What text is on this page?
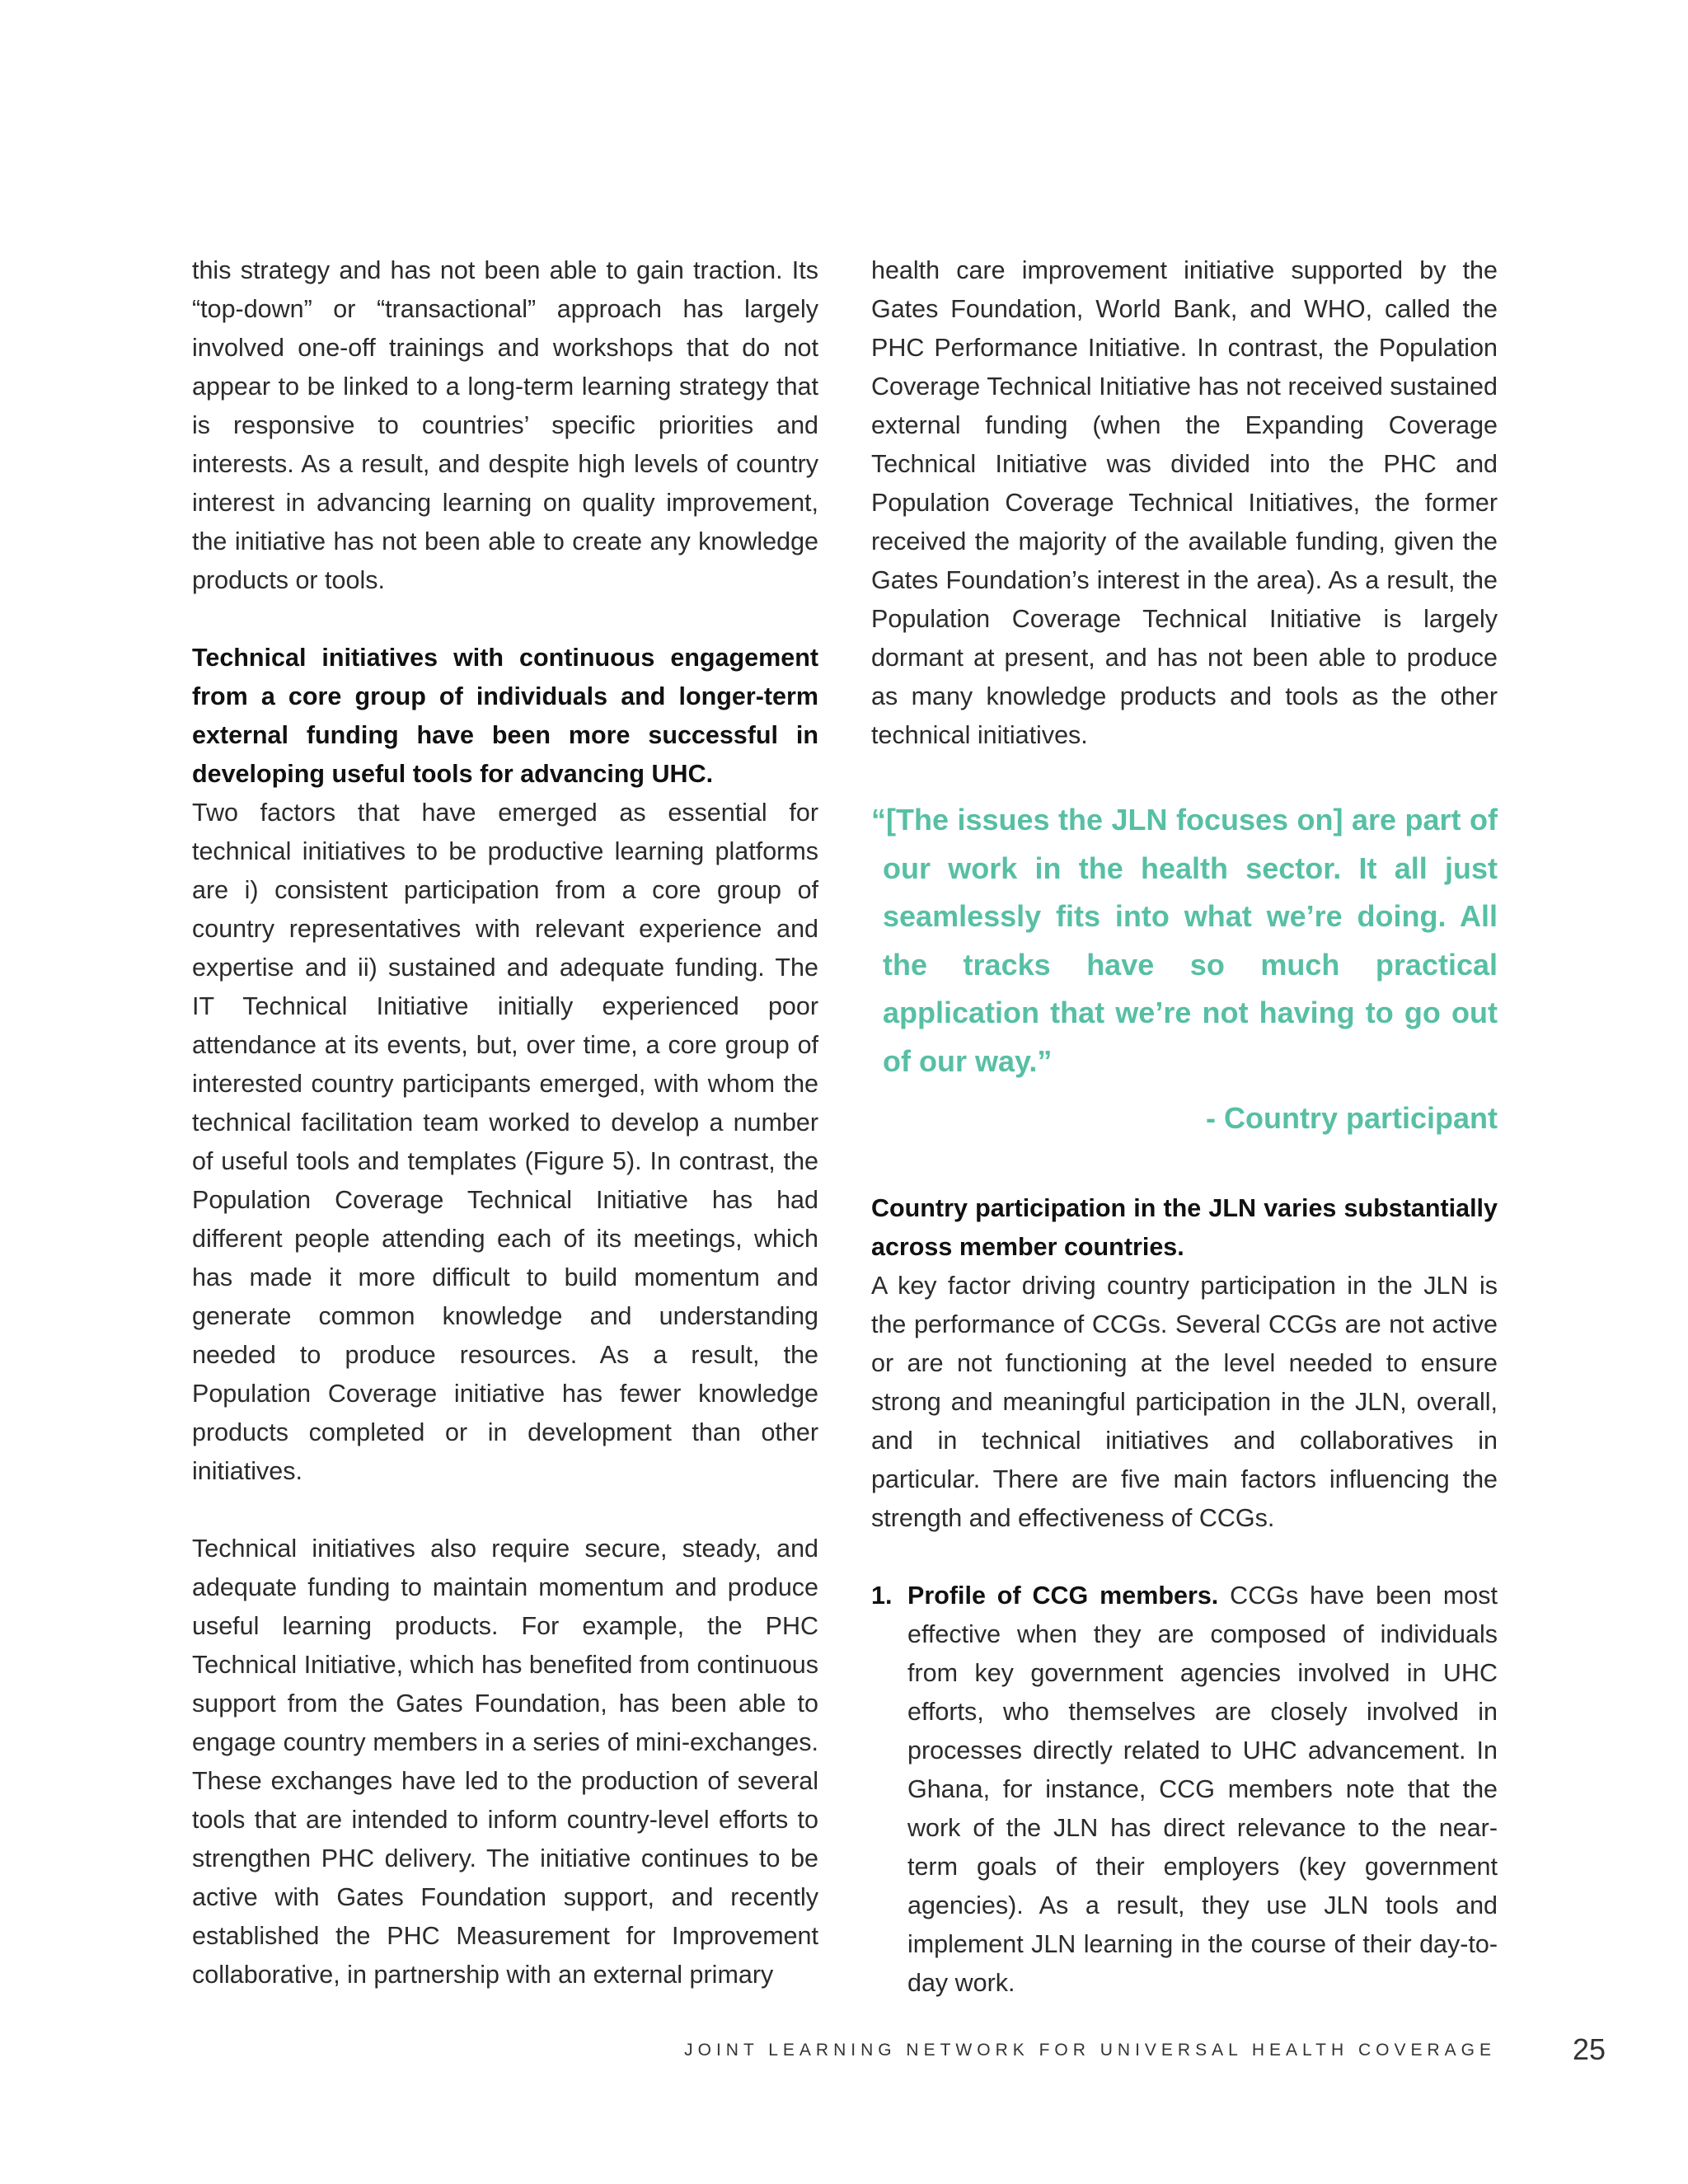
this strategy and has not been able to gain traction. Its “top-down” or “transactional” approach has largely involved one-off trainings and workshops that do not appear to be linked to a long-term learning strategy that is responsive to countries’ specific priorities and interests. As a result, and despite high levels of country interest in advancing learning on quality improvement, the initiative has not been able to create any knowledge products or tools.

Technical initiatives with continuous engagement from a core group of individuals and longer-term external funding have been more successful in developing useful tools for advancing UHC.

Two factors that have emerged as essential for technical initiatives to be productive learning platforms are i) consistent participation from a core group of country representatives with relevant experience and expertise and ii) sustained and adequate funding. The IT Technical Initiative initially experienced poor attendance at its events, but, over time, a core group of interested country participants emerged, with whom the technical facilitation team worked to develop a number of useful tools and templates (Figure 5). In contrast, the Population Coverage Technical Initiative has had different people attending each of its meetings, which has made it more difficult to build momentum and generate common knowledge and understanding needed to produce resources. As a result, the Population Coverage initiative has fewer knowledge products completed or in development than other initiatives.

Technical initiatives also require secure, steady, and adequate funding to maintain momentum and produce useful learning products. For example, the PHC Technical Initiative, which has benefited from continuous support from the Gates Foundation, has been able to engage country members in a series of mini-exchanges. These exchanges have led to the production of several tools that are intended to inform country-level efforts to strengthen PHC delivery. The initiative continues to be active with Gates Foundation support, and recently established the PHC Measurement for Improvement collaborative, in partnership with an external primary

health care improvement initiative supported by the Gates Foundation, World Bank, and WHO, called the PHC Performance Initiative. In contrast, the Population Coverage Technical Initiative has not received sustained external funding (when the Expanding Coverage Technical Initiative was divided into the PHC and Population Coverage Technical Initiatives, the former received the majority of the available funding, given the Gates Foundation’s interest in the area). As a result, the Population Coverage Technical Initiative is largely dormant at present, and has not been able to produce as many knowledge products and tools as the other technical initiatives.

“[The issues the JLN focuses on] are part of our work in the health sector. It all just seamlessly fits into what we’re doing. All the tracks have so much practical application that we’re not having to go out of our way.”

- Country participant

Country participation in the JLN varies substantially across member countries.

A key factor driving country participation in the JLN is the performance of CCGs. Several CCGs are not active or are not functioning at the level needed to ensure strong and meaningful participation in the JLN, overall, and in technical initiatives and collaboratives in particular. There are five main factors influencing the strength and effectiveness of CCGs.

1. Profile of CCG members. CCGs have been most effective when they are composed of individuals from key government agencies involved in UHC efforts, who themselves are closely involved in processes directly related to UHC advancement. In Ghana, for instance, CCG members note that the work of the JLN has direct relevance to the near-term goals of their employers (key government agencies). As a result, they use JLN tools and implement JLN learning in the course of their day-to-day work.

JOINT LEARNING NETWORK FOR UNIVERSAL HEALTH COVERAGE	25
